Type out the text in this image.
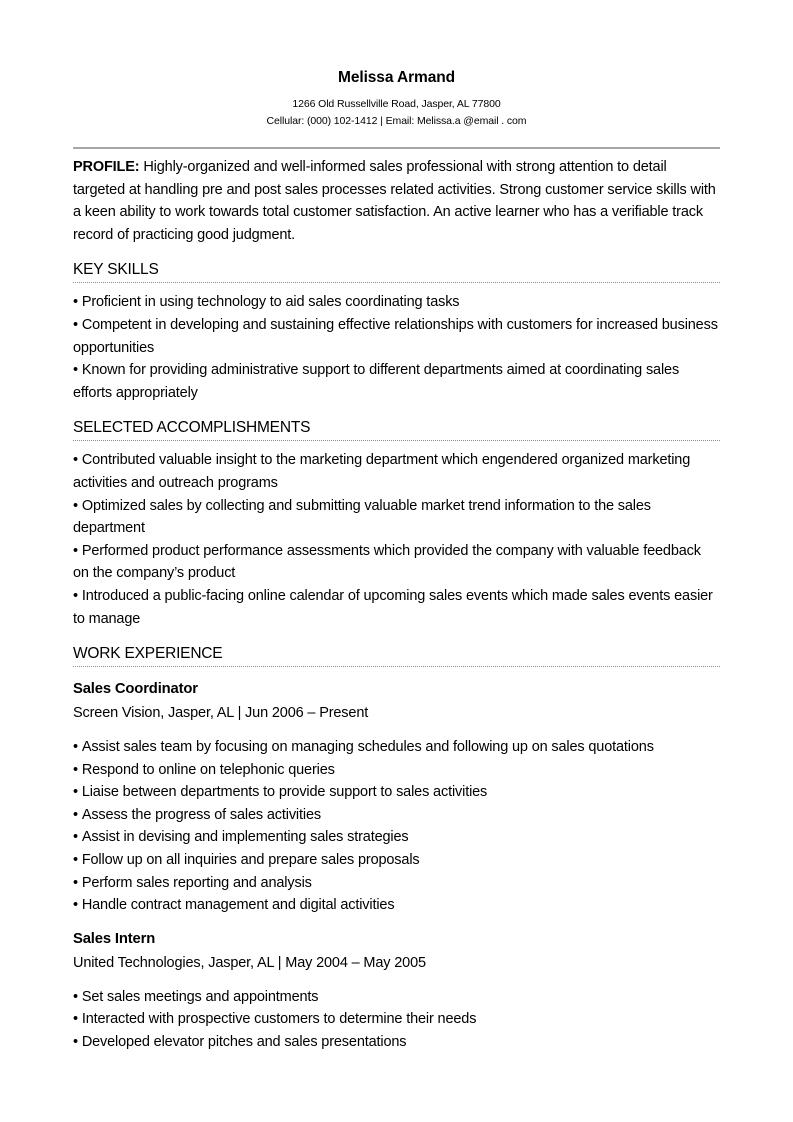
Melissa Armand
1266 Old Russellville Road, Jasper, AL 77800
Cellular: (000) 102-1412 | Email: Melissa.a @email . com

PROFILE: Highly-organized and well-informed sales professional with strong attention to detail targeted at handling pre and post sales processes related activities. Strong customer service skills with a keen ability to work towards total customer satisfaction. An active learner who has a verifiable track record of practicing good judgment.

KEY SKILLS
• Proficient in using technology to aid sales coordinating tasks
• Competent in developing and sustaining effective relationships with customers for increased business opportunities
• Known for providing administrative support to different departments aimed at coordinating sales efforts appropriately
SELECTED ACCOMPLISHMENTS
• Contributed valuable insight to the marketing department which engendered organized marketing activities and outreach programs
• Optimized sales by collecting and submitting valuable market trend information to the sales department
• Performed product performance assessments which provided the company with valuable feedback on the company’s product
• Introduced a public-facing online calendar of upcoming sales events which made sales events easier to manage
WORK EXPERIENCE
Sales Coordinator
Screen Vision, Jasper, AL | Jun 2006 – Present
• Assist sales team by focusing on managing schedules and following up on sales quotations
• Respond to online on telephonic queries
• Liaise between departments to provide support to sales activities
• Assess the progress of sales activities
• Assist in devising and implementing sales strategies
• Follow up on all inquiries and prepare sales proposals
• Perform sales reporting and analysis
• Handle contract management and digital activities
Sales Intern
United Technologies, Jasper, AL | May 2004 – May 2005
• Set sales meetings and appointments
• Interacted with prospective customers to determine their needs
• Developed elevator pitches and sales presentations
